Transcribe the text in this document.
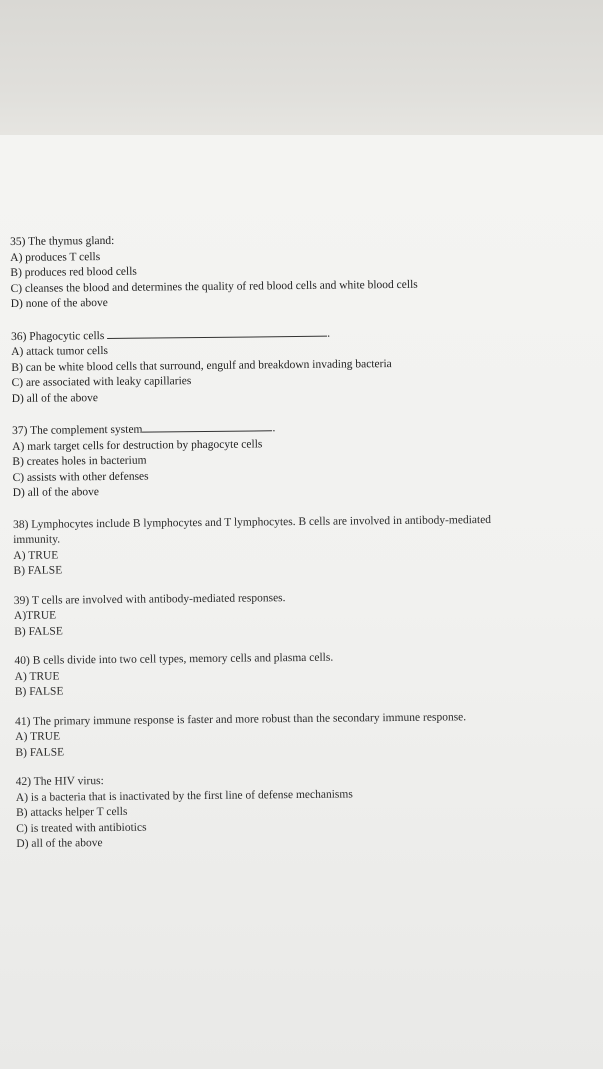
35) The thymus gland:
A) produces T cells
B) produces red blood cells
C) cleanses the blood and determines the quality of red blood cells and white blood cells
D) none of the above
36) Phagocytic cells	.
A) attack tumor cells
B) can be white blood cells that surround, engulf and breakdown invading bacteria
C) are associated with leaky capillaries
D) all of the above
37) The complement system	.
A) mark target cells for destruction by phagocyte cells
B) creates holes in bacterium
C) assists with other defenses
D) all of the above
38) Lymphocytes include B lymphocytes and T lymphocytes. B cells are involved in antibody-mediated
immunity.
A) TRUE
B) FALSE
39) T cells are involved with antibody-mediated responses.
A)TRUE
B) FALSE
40) B cells divide into two cell types, memory cells and plasma cells.
A) TRUE
B) FALSE
41) The primary immune response is faster and more robust than the secondary immune response.
A) TRUE
B) FALSE
42) The HIV virus:
A) is a bacteria that is inactivated by the first line of defense mechanisms
B) attacks helper T cells
C) is treated with antibiotics
D) all of the above
